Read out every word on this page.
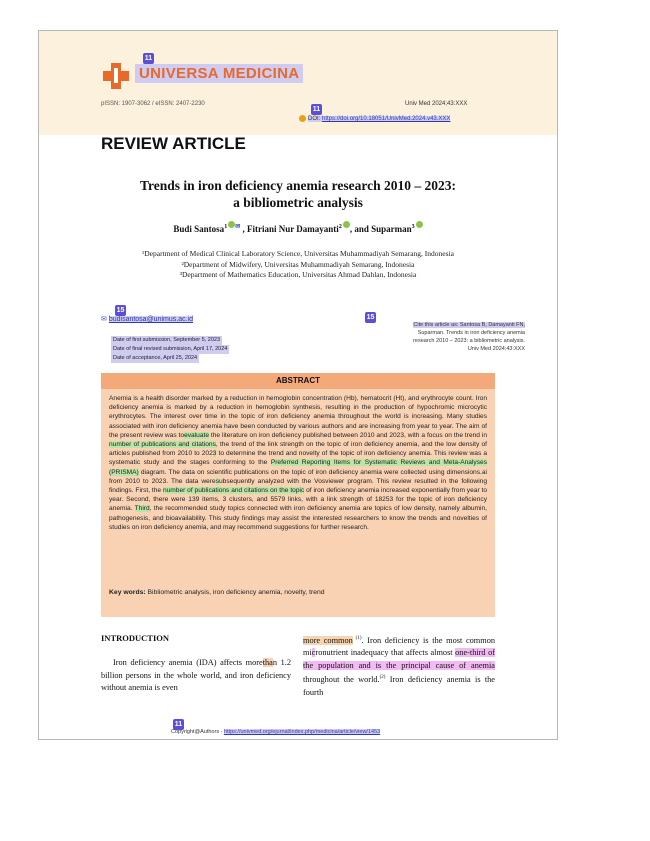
11
UNIVERSA MEDICINA
pISSN: 1907-3062 / eISSN: 2407-2230	Univ Med 2024;43:XXX
11
DOI: https://doi.org/10.18051/UnivMed.2024.v43.XXX
REVIEW ARTICLE
Trends in iron deficiency anemia research 2010 – 2023:
a bibliometric analysis
Budi Santosa$^1$ ✉ , Fitriani Nur Damayanti$^2$ , and Suparman$^3$
¹Department of Medical Clinical Laboratory Science, Universitas Muhammadiyah Semarang, Indonesia
²Department of Midwifery, Universitas Muhammadiyah Semarang, Indonesia
³Department of Mathematics Education, Universitas Ahmad Dahlan, Indonesia
15
✉ budisantosa@unimus.ac.id
Date of first submission, September 5, 2023
Date of final revised submission, April 17, 2024
Date of acceptance, April 25, 2024
15
Cite this article as: Santosa B, Damayanti FN,
Suparman. Trends in iron deficiency anemia
research 2010 – 2023: a bibliometric analysis.
Univ Med 2024;43:XXX
ABSTRACT
Anemia is a health disorder marked by a reduction in hemoglobin concentration (Hb), hematocrit (Ht), and erythrocyte count. Iron deficiency anemia is marked by a reduction in hemoglobin synthesis, resulting in the production of hypochromic microcytic erythrocytes. The interest over time in the topic of iron deficiency anemia throughout the world is increasing. Many studies associated with iron deficiency anemia have been conducted by various authors and are increasing from year to year. The aim of the present review was toevaluate the literature on iron deficiency published between 2010 and 2023, with a focus on the trend in number of publications and citations, the trend of the link strength on the topic of iron deficiency anemia, and the low density of articles published from 2010 to 2023 to determine the trend and novelty of the topic of iron deficiency anemia. This review was a systematic study and the stages conforming to the Preferred Reporting Items for Systematic Reviews and Meta-Analyses (PRISMA) diagram. The data on scientific publications on the topic of iron deficiency anemia were collected using dimensions.ai from 2010 to 2023. The data weresubsequently analyzed with the Vosviewer program. This review resulted in the following findings. First, the number of publications and citations on the topic of iron deficiency anemia increased exponentially from year to year. Second, there were 139 items, 3 clusters, and 5579 links, with a link strength of 18253 for the topic of iron deficiency anemia. Third, the recommended study topics connected with iron deficiency anemia are topics of low density, namely albumin, pathogenesis, and bioavailability. This study findings may assist the interested researchers to know the trends and novelties of studies on iron deficiency anemia, and may recommend suggestions for further research.
Key words: Bibliometric analysis, iron deficiency anemia, novelty, trend
INTRODUCTION
Iron deficiency anemia (IDA) affects morethan 1.2 billion persons in the whole world, and iron deficiency without anemia is even
more common $^{(1)}$. Iron deficiency is the most common micronutrient inadequacy that affects almost one-third of the population and is the principal cause of anemia throughout the world.$^{(2)}$ Iron deficiency anemia is the fourth
11
Copyright@Authors - https://univmed.org/ejurnal/index.php/medicina/article/view/1453
